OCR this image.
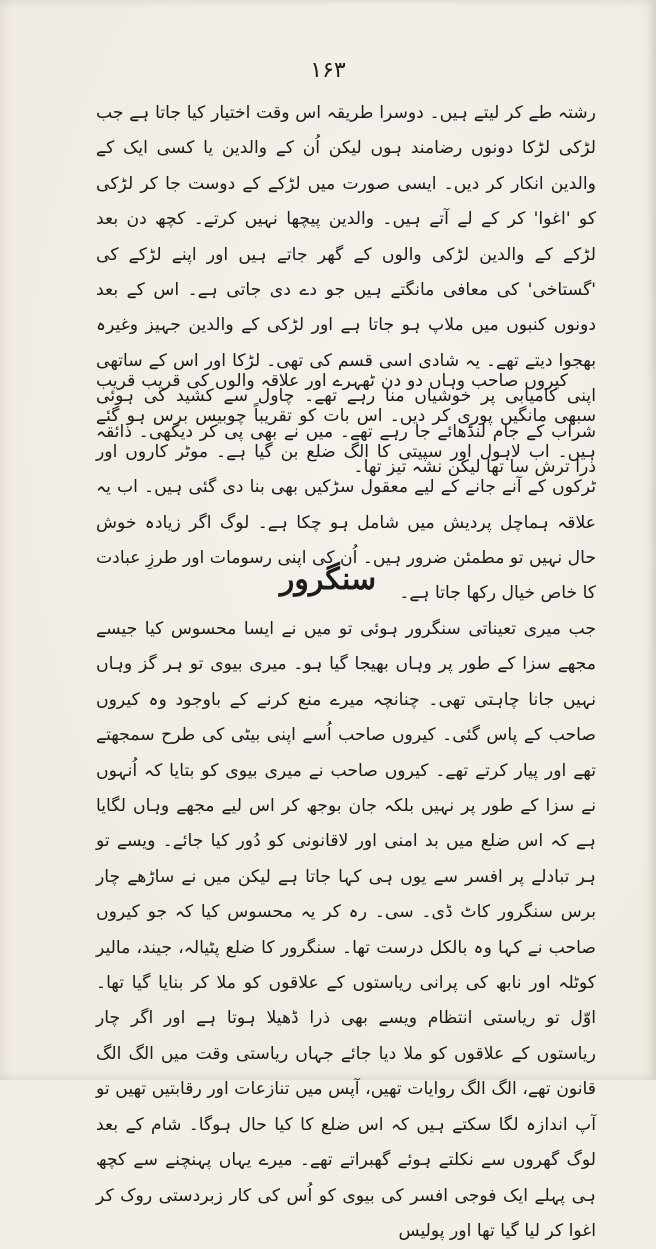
۱۶۳

رشتہ طے کر لیتے ہیں۔ دوسرا طریقہ اس وقت اختیار کیا جاتا ہے جب لڑکی لڑکا دونوں رضامند ہوں لیکن اُن کے والدین یا کسی ایک کے والدین انکار کر دیں۔ ایسی صورت میں لڑکے کے دوست جا کر لڑکی کو 'اغوا' کر کے لے آتے ہیں۔ والدین پیچھا نہیں کرتے۔ کچھ دن بعد لڑکے کے والدین لڑکی والوں کے گھر جاتے ہیں اور اپنے لڑکے کی 'گستاخی' کی معافی مانگتے ہیں جو دے دی جاتی ہے۔ اس کے بعد دونوں کنبوں میں ملاپ ہو جاتا ہے اور لڑکی کے والدین جہیز وغیرہ بھجوا دیتے تھے۔ یہ شادی اسی قسم کی تھی۔ لڑکا اور اس کے ساتھی اپنی کامیابی پر خوشیاں منا رہے تھے۔ چاول سے کشید کی ہوئی شراب کے جام لنڈھائے جا رہے تھے۔ میں نے بھی پی کر دیکھی۔ ذائقہ ذرا ترش سا تھا لیکن نشہ تیز تھا۔

کیروں صاحب وہاں دو دن ٹھہرے اور علاقہ والوں کی قریب قریب سبھی مانگیں پوری کر دیں۔ اس بات کو تقریباً چوبیس برس ہو گئے ہیں۔ اب لاہول اور سپیتی کا الگ ضلع بن گیا ہے۔ موٹر کاروں اور ٹرکوں کے آنے جانے کے لیے معقول سڑکیں بھی بنا دی گئی ہیں۔ اب یہ علاقہ ہماچل پردیش میں شامل ہو چکا ہے۔ لوگ اگر زیادہ خوش حال نہیں تو مطمئن ضرور ہیں۔ اُن کی اپنی رسومات اور طرزِ عبادت کا خاص خیال رکھا جاتا ہے۔

سنگرور

جب میری تعیناتی سنگرور ہوئی تو میں نے ایسا محسوس کیا جیسے مجھے سزا کے طور پر وہاں بھیجا گیا ہو۔ میری بیوی تو ہر گز وہاں نہیں جانا چاہتی تھی۔ چنانچہ میرے منع کرنے کے باوجود وہ کیروں صاحب کے پاس گئی۔ کیروں صاحب اُسے اپنی بیٹی کی طرح سمجھتے تھے اور پیار کرتے تھے۔ کیروں صاحب نے میری بیوی کو بتایا کہ اُنہوں نے سزا کے طور پر نہیں بلکہ جان بوجھ کر اس لیے مجھے وہاں لگایا ہے کہ اس ضلع میں بد امنی اور لاقانونی کو دُور کیا جائے۔ ویسے تو ہر تبادلے پر افسر سے یوں ہی کہا جاتا ہے لیکن میں نے ساڑھے چار برس سنگرور کاٹ ڈی۔ سی۔ رہ کر یہ محسوس کیا کہ جو کیروں صاحب نے کہا وہ بالکل درست تھا۔ سنگرور کا ضلع پٹیالہ، جیند، مالیر کوٹلہ اور نابھ کی پرانی ریاستوں کے علاقوں کو ملا کر بنایا گیا تھا۔ اوّل تو ریاستی انتظام ویسے بھی ذرا ڈھیلا ہوتا ہے اور اگر چار ریاستوں کے علاقوں کو ملا دیا جائے جہاں ریاستی وقت میں الگ الگ قانون تھے، الگ الگ روایات تھیں، آپس میں تنازعات اور رقابتیں تھیں تو آپ اندازہ لگا سکتے ہیں کہ اس ضلع کا کیا حال ہوگا۔ شام کے بعد لوگ گھروں سے نکلتے ہوئے گھبراتے تھے۔ میرے یہاں پہنچنے سے کچھ ہی پہلے ایک فوجی افسر کی بیوی کو اُس کی کار زبردستی روک کر اغوا کر لیا گیا تھا اور پولیس
